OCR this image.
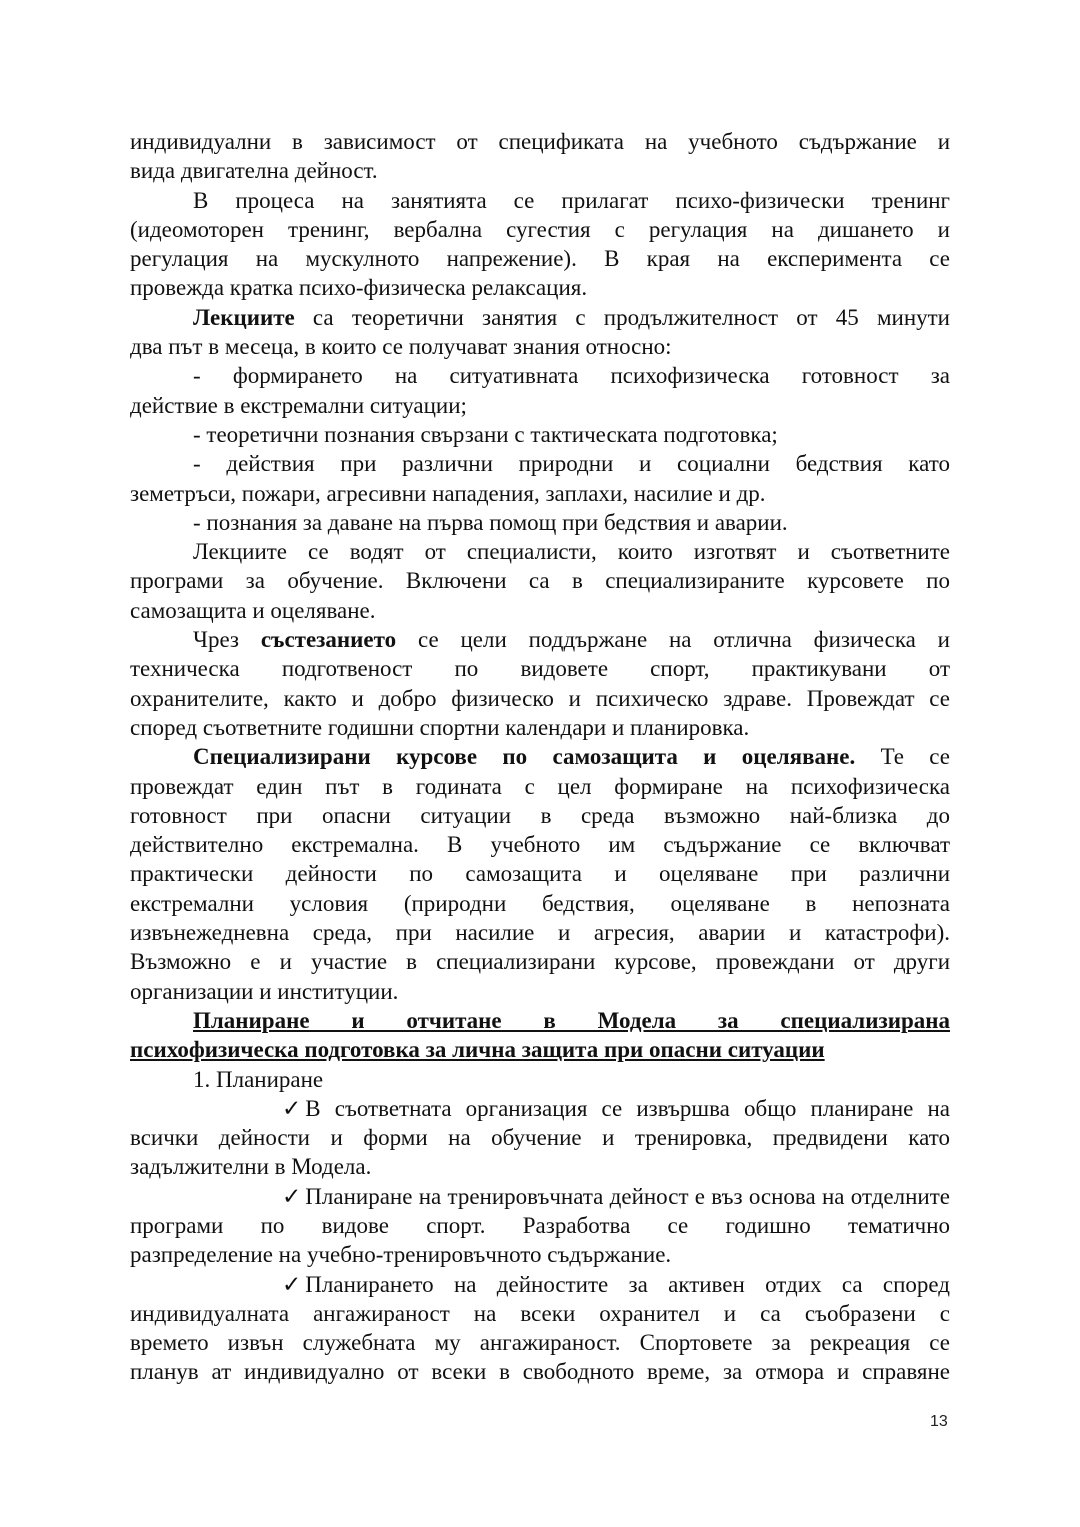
индивидуални в зависимост от спецификата на учебното съдържание и

вида двигателна дейност.

В процеса на занятията се прилагат психо-физически тренинг

(идеомоторен тренинг, вербална сугестия с регулация на дишането и

регулация на мускулното напрежение). В края на експеримента се

провежда кратка психо-физическа релаксация.

Лекциите са теоретични занятия с продължителност от 45 минути

два път в месеца, в които се получават знания относно:

- формирането на ситуативната психофизическа готовност за

действие в екстремални ситуации;

- теоретични познания свързани с тактическата подготовка;

- действия при различни природни и социални бедствия като

земетръси, пожари, агресивни нападения, заплахи, насилие и др.

- познания за даване на първа помощ при бедствия и аварии.

Лекциите се водят от специалисти, които изготвят и съответните

програми за обучение. Включени са в специализираните курсовете по

самозащита и оцеляване.

Чрез състезанието се цели поддържане на отлична физическа и

техническа подготвеност по видовете спорт, практикувани от

охранителите, както и добро физическо и психическо здраве. Провеждат се

според съответните годишни спортни календари и планировка.

Специализирани курсове по самозащита и оцеляване. Те се

провеждат един път в годината с цел формиране на психофизическа

готовност при опасни ситуации в среда възможно най-близка до

действително екстремална. В учебното им съдържание се включват

практически дейности по самозащита и оцеляване при различни

екстремални условия (природни бедствия, оцеляване в непозната

извънежедневна среда, при насилие и агресия, аварии и катастрофи).

Възможно е и участие в специализирани курсове, провеждани от други

организации и институции.

Планиране и отчитане в Модела за специализирана

психофизическа подготовка за лична защита при опасни ситуации

1. Планиране

✓ В съответната организация се извършва общо планиране на

всички дейности и форми на обучение и тренировка, предвидени като

задължителни в Модела.

✓ Планиране на тренировъчната дейност е въз основа на отделните

програми по видове спорт. Разработва се годишно тематично

разпределение на учебно-тренировъчното съдържание.

✓ Планирането на дейностите за активен отдих са според

индивидуалната ангажираност на всеки охранител и са съобразени с

времето извън служебната му ангажираност. Спортовете за рекреация се

планув ат индивидуално от всеки в свободното време, за отмора и справяне

13
